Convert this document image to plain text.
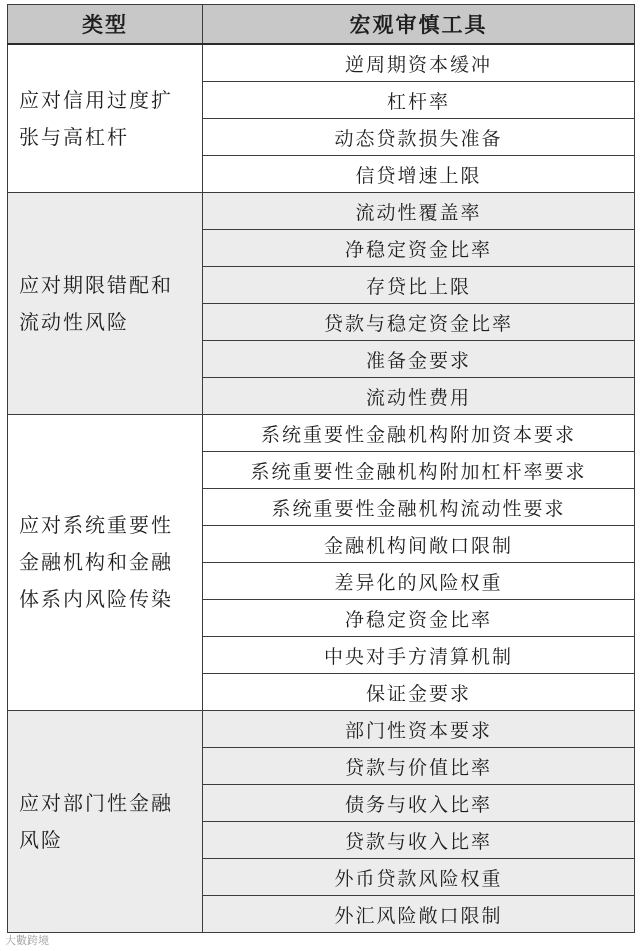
类型	宏观审慎工具

应对信用过度扩张与高杠杆	逆周期资本缓冲
	杠杆率
	动态贷款损失准备
	信贷增速上限

应对期限错配和流动性风险	流动性覆盖率
	净稳定资金比率
	存贷比上限
	贷款与稳定资金比率
	准备金要求
	流动性费用

应对系统重要性金融机构和金融体系内风险传染	系统重要性金融机构附加资本要求
	系统重要性金融机构附加杠杆率要求
	系统重要性金融机构流动性要求
	金融机构间敞口限制
	差异化的风险权重
	净稳定资金比率
	中央对手方清算机制
	保证金要求

应对部门性金融风险	部门性资本要求
	贷款与价值比率
	债务与收入比率
	贷款与收入比率
	外币贷款风险权重
	外汇风险敞口限制
大數跨境
